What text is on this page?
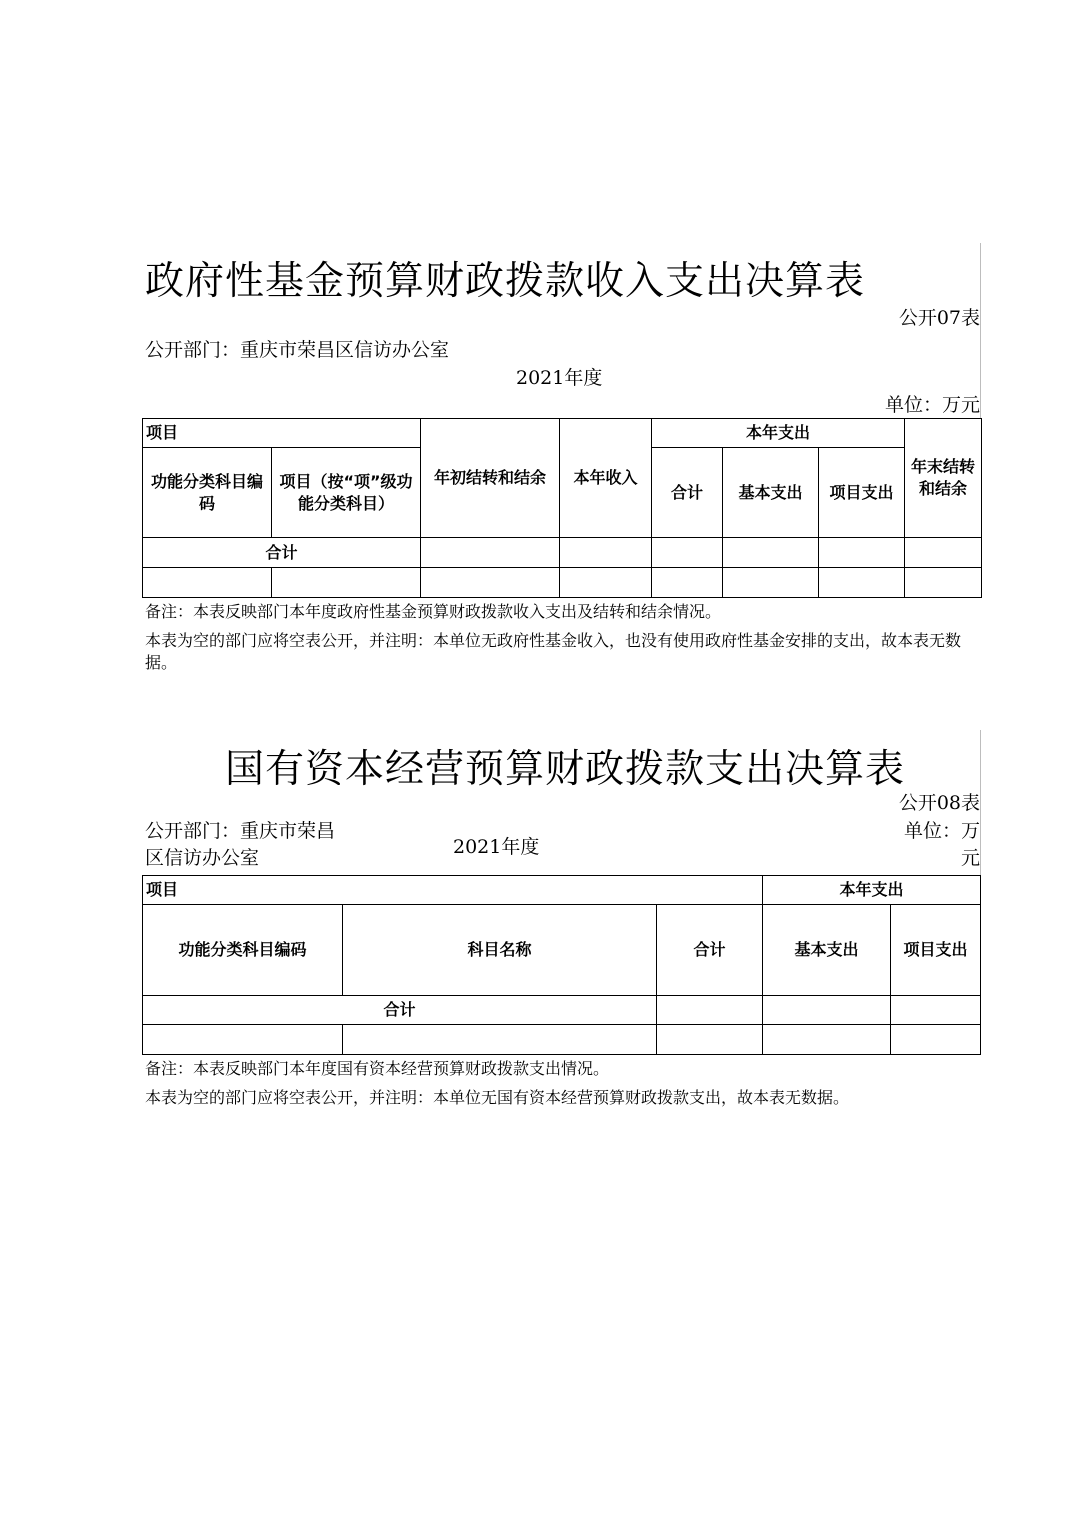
政府性基金预算财政拨款收入支出决算表
公开07表
公开部门：重庆市荣昌区信访办公室
2021年度
单位：万元
项目		年初结转和结余	本年收入	本年支出			年末结转和结余
功能分类科目编码	项目（按“项”级功能分类科目）			合计	基本支出	项目支出	
合计							

备注：本表反映部门本年度政府性基金预算财政拨款收入支出及结转和结余情况。
本表为空的部门应将空表公开，并注明：本单位无政府性基金收入，也没有使用政府性基金安排的支出，故本表无数据。
国有资本经营预算财政拨款支出决算表
公开08表
公开部门：重庆市荣昌区信访办公室	2021年度
单位：万元
项目			本年支出	
功能分类科目编码	科目名称	合计	基本支出	项目支出
合计				

备注：本表反映部门本年度国有资本经营预算财政拨款支出情况。
本表为空的部门应将空表公开，并注明：本单位无国有资本经营预算财政拨款支出，故本表无数据。
